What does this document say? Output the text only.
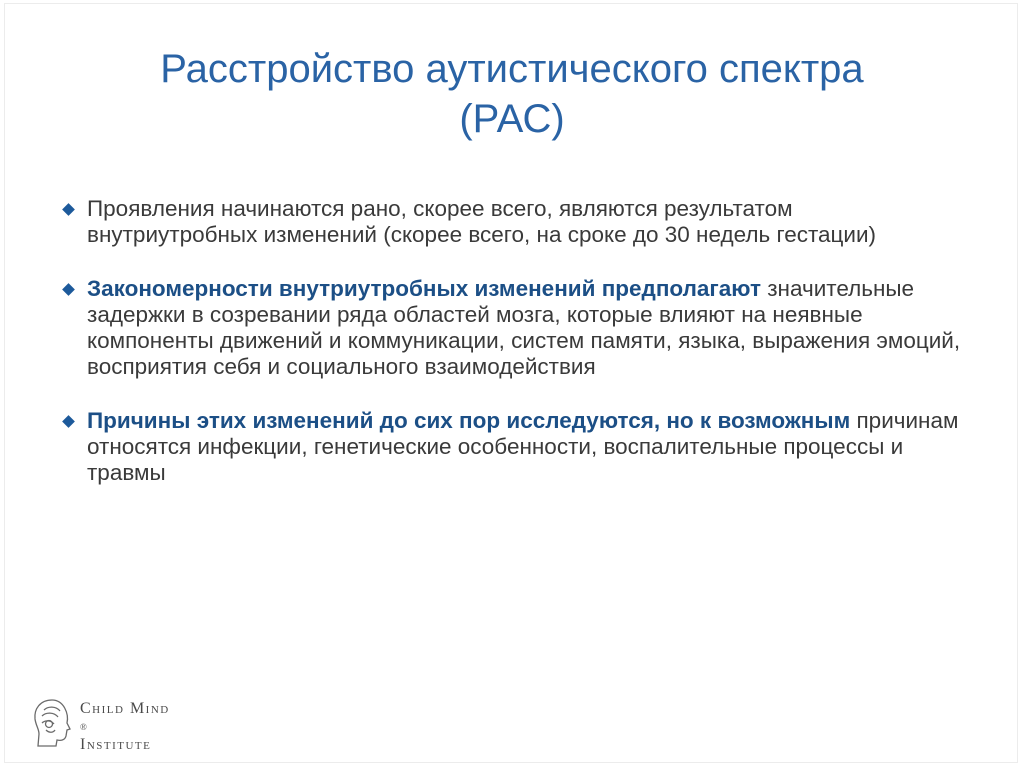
Расстройство аутистического спектра
(РАС)
Проявления начинаются рано, скорее всего, являются результатом внутриутробных изменений (скорее всего, на сроке до 30 недель гестации)
Закономерности внутриутробных изменений предполагают значительные задержки в созревании ряда областей мозга, которые влияют на неявные компоненты движений и коммуникации, систем памяти, языка, выражения эмоций, восприятия себя и социального взаимодействия
Причины этих изменений до сих пор исследуются, но к возможным причинам относятся инфекции, генетические особенности, воспалительные процессы и травмы
Child Mind
®
Institute
